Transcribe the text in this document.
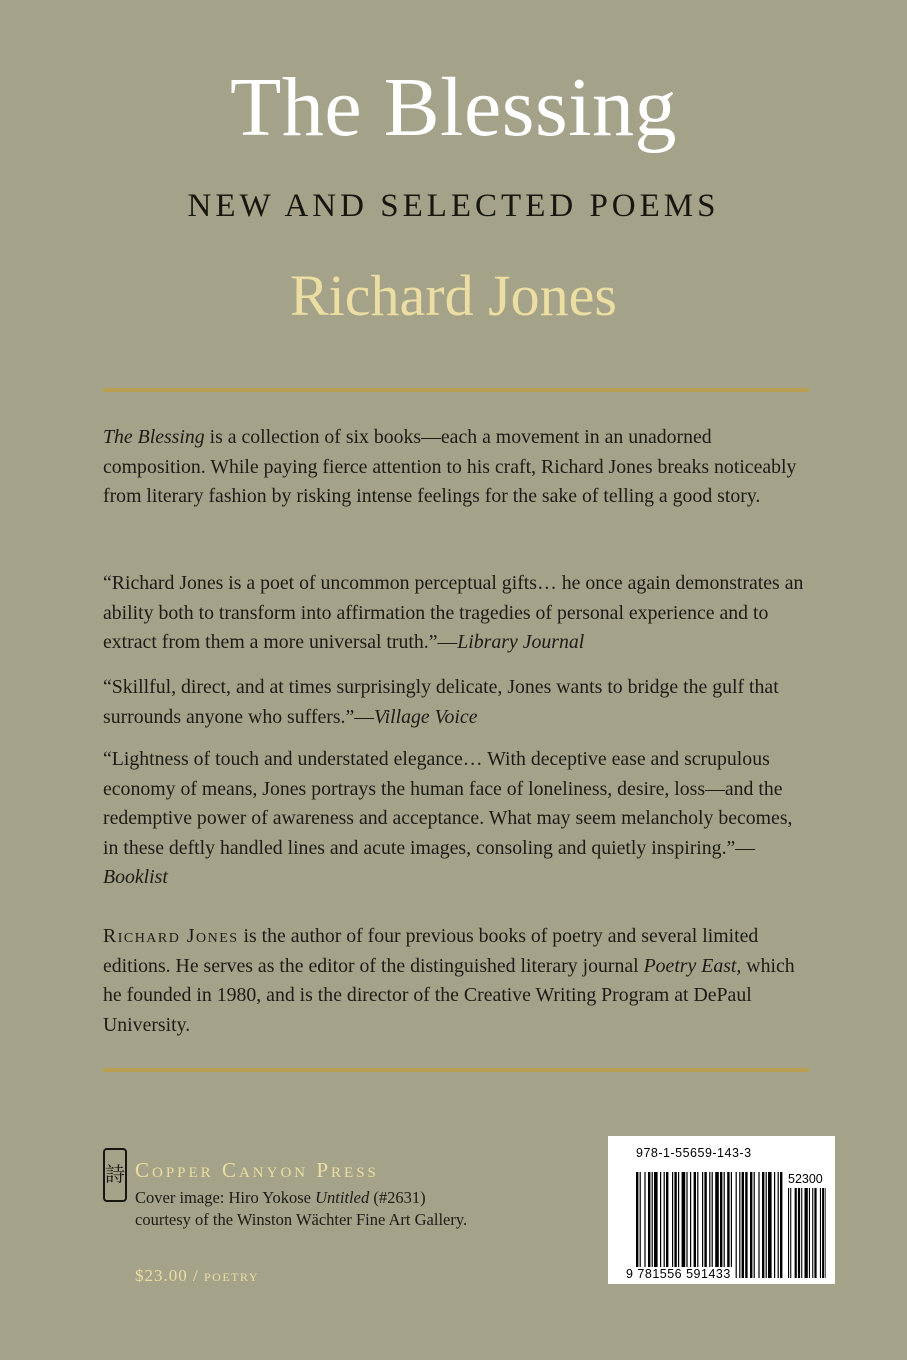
The Blessing
NEW AND SELECTED POEMS
Richard Jones

The Blessing is a collection of six books—each a movement in an unadorned composition. While paying fierce attention to his craft, Richard Jones breaks noticeably from literary fashion by risking intense feelings for the sake of telling a good story.

“Richard Jones is a poet of uncommon perceptual gifts… he once again demonstrates an ability both to transform into affirmation the tragedies of personal experience and to extract from them a more universal truth.”—Library Journal

“Skillful, direct, and at times surprisingly delicate, Jones wants to bridge the gulf that surrounds anyone who suffers.”—Village Voice

“Lightness of touch and understated elegance… With deceptive ease and scrupulous economy of means, Jones portrays the human face of loneliness, desire, loss—and the redemptive power of awareness and acceptance. What may seem melancholy becomes, in these deftly handled lines and acute images, consoling and quietly inspiring.”—Booklist

Richard Jones is the author of four previous books of poetry and several limited editions. He serves as the editor of the distinguished literary journal Poetry East, which he founded in 1980, and is the director of the Creative Writing Program at DePaul University.

詩 Copper Canyon Press
Cover image: Hiro Yokose Untitled (#2631)
courtesy of the Winston Wächter Fine Art Gallery.
$23.00 / poetry
978-1-55659-143-3
52300
9 781556 591433
